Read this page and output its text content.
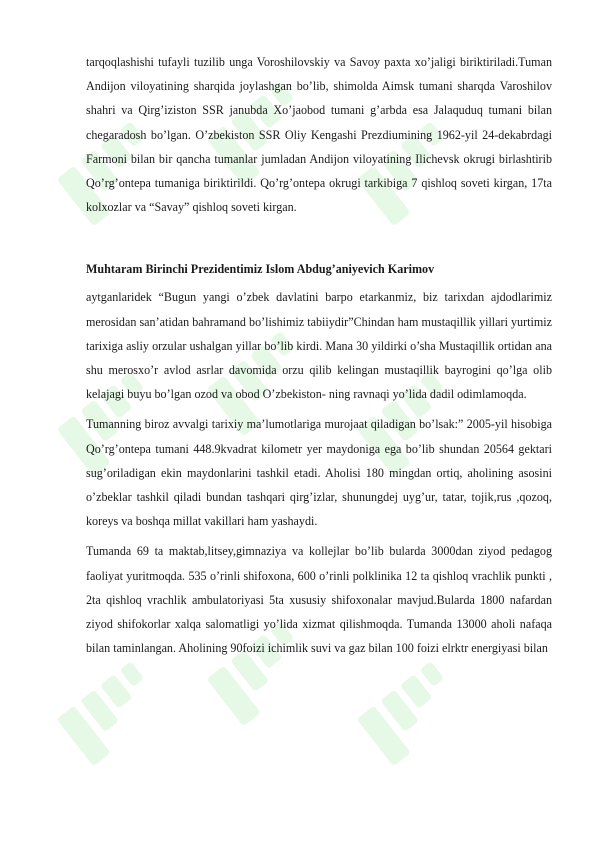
tarqoqlashishi tufayli tuzilib unga Voroshilovskiy va Savoy paxta xo’jaligi biriktiriladi.Tuman Andijon viloyatining sharqida joylashgan bo’lib, shimolda Aimsk tumani sharqda Varoshilov shahri va Qirg’iziston SSR janubda Xo’jaobod tumani g’arbda esa Jalaquduq tumani bilan chegaradosh bo’lgan. O’zbekiston SSR Oliy Kengashi Prezdiumining 1962-yil 24-dekabrdagi Farmoni bilan bir qancha tumanlar jumladan Andijon viloyatining Ilichevsk okrugi birlashtirib Qo’rg’ontepa tumaniga biriktirildi. Qo’rg’ontepa okrugi tarkibiga 7 qishloq soveti kirgan, 17ta kolxozlar va “Savay” qishloq soveti kirgan.

Muhtaram Birinchi Prezidentimiz Islom Abdug’aniyevich Karimov

aytganlaridek “Bugun yangi o’zbek davlatini barpo etarkanmiz, biz tarixdan ajdodlarimiz merosidan san’atidan bahramand bo’lishimiz tabiiydir”Chindan ham mustaqillik yillari yurtimiz tarixiga asliy orzular ushalgan yillar bo’lib kirdi. Mana 30 yildirki o’sha Mustaqillik ortidan ana shu merosxo’r avlod asrlar davomida orzu qilib kelingan mustaqillik bayrogini qo’lga olib kelajagi buyu bo’lgan ozod va obod O’zbekiston- ning ravnaqi yo’lida dadil odimlamoqda.

Tumanning biroz avvalgi tarixiy ma’lumotlariga murojaat qiladigan bo’lsak:” 2005-yil hisobiga Qo’rg’ontepa tumani 448.9kvadrat kilometr yer maydoniga ega bo’lib shundan 20564 gektari sug’oriladigan ekin maydonlarini tashkil etadi. Aholisi 180 mingdan ortiq, aholining asosini o’zbeklar tashkil qiladi bundan tashqari qirg’izlar, shunungdej uyg’ur, tatar, tojik,rus ,qozoq, koreys va boshqa millat vakillari ham yashaydi.

Tumanda 69 ta maktab,litsey,gimnaziya va kollejlar bo’lib bularda 3000dan ziyod pedagog faoliyat yuritmoqda. 535 o’rinli shifoxona, 600 o’rinli polklinika 12 ta qishloq vrachlik punkti , 2ta qishloq vrachlik ambulatoriyasi 5ta xususiy shifoxonalar mavjud.Bularda 1800 nafardan ziyod shifokorlar xalqa salomatligi yo’lida xizmat qilishmoqda. Tumanda 13000 aholi nafaqa bilan taminlangan. Aholining 90foizi ichimlik suvi va gaz bilan 100 foizi elrktr energiyasi bilan
